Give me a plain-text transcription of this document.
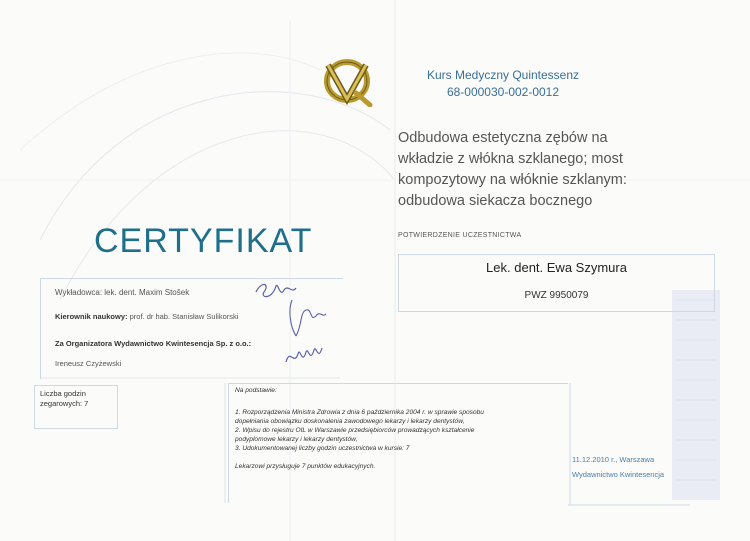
Kurs Medyczny Quintessenz
68-000030-002-0012
Odbudowa estetyczna zębów na
wkładzie z włókna szklanego; most
kompozytowy na włóknie szklanym:
odbudowa siekacza bocznego
CERTYFIKAT	POTWIERDZENIE UCZESTNICTWA
Lek. dent. Ewa Szymura
PWZ 9950079
Wykładowca: lek. dent. Maxim Stošek
Kierownik naukowy: prof. dr hab. Stanisław Sulikorski
Za Organizatora Wydawnictwo Kwintesencja Sp. z o.o.:
Ireneusz Czyżewski
Liczba godzin
zegarowych: 7
Na podstawie:

1. Rozporządzenia Ministra Zdrowia z dnia 6 października 2004 r. w sprawie sposobu

dopełniania obowiązku doskonalenia zawodowego lekarzy i lekarzy dentystów,

2. Wpisu do rejestru OIL w Warszawie przedsiębiorców prowadzących kształcenie

podyplomowe lekarzy i lekarzy dentystów,

3. Udokumentowanej liczby godzin uczestnictwa w kursie: 7

Lekarzowi przysługuje 7 punktów edukacyjnych.
11.12.2010 r., Warszawa
Wydawnictwo Kwintesencja
